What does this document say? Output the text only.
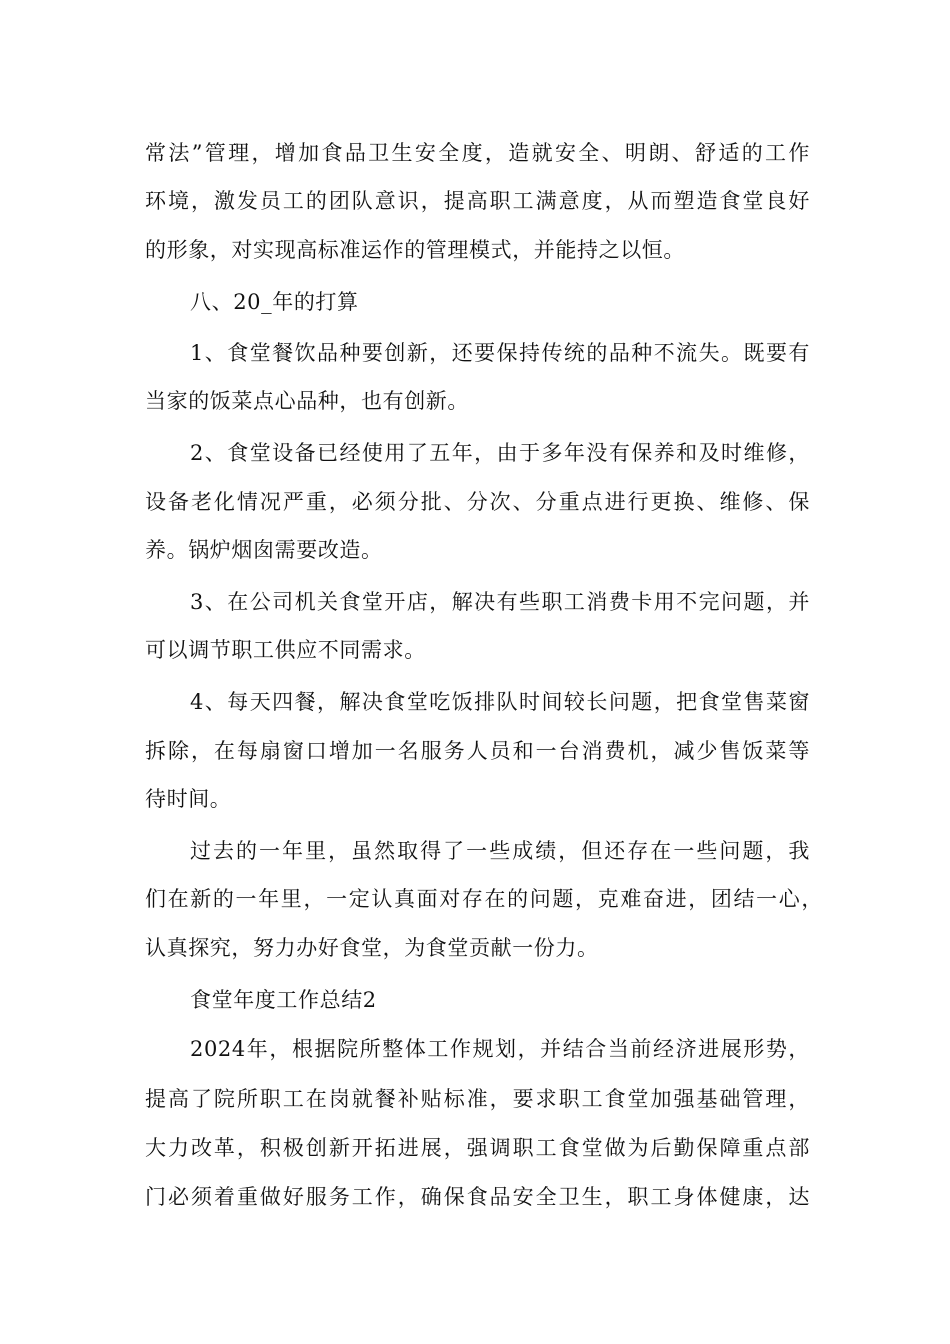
常法”管理，增加食品卫生安全度，造就安全、明朗、舒适的工作
环境，激发员工的团队意识，提高职工满意度，从而塑造食堂良好
的形象，对实现高标准运作的管理模式，并能持之以恒。
八、20_年的打算
1、食堂餐饮品种要创新，还要保持传统的品种不流失。既要有
当家的饭菜点心品种，也有创新。
2、食堂设备已经使用了五年，由于多年没有保养和及时维修，
设备老化情况严重，必须分批、分次、分重点进行更换、维修、保
养。锅炉烟囱需要改造。
3、在公司机关食堂开店，解决有些职工消费卡用不完问题，并
可以调节职工供应不同需求。
4、每天四餐，解决食堂吃饭排队时间较长问题，把食堂售菜窗
拆除，在每扇窗口增加一名服务人员和一台消费机，减少售饭菜等
待时间。
过去的一年里，虽然取得了一些成绩，但还存在一些问题，我
们在新的一年里，一定认真面对存在的问题，克难奋进，团结一心，
认真探究，努力办好食堂，为食堂贡献一份力。
食堂年度工作总结2
2024年，根据院所整体工作规划，并结合当前经济进展形势，
提高了院所职工在岗就餐补贴标准，要求职工食堂加强基础管理，
大力改革，积极创新开拓进展，强调职工食堂做为后勤保障重点部
门必须着重做好服务工作，确保食品安全卫生，职工身体健康，达
